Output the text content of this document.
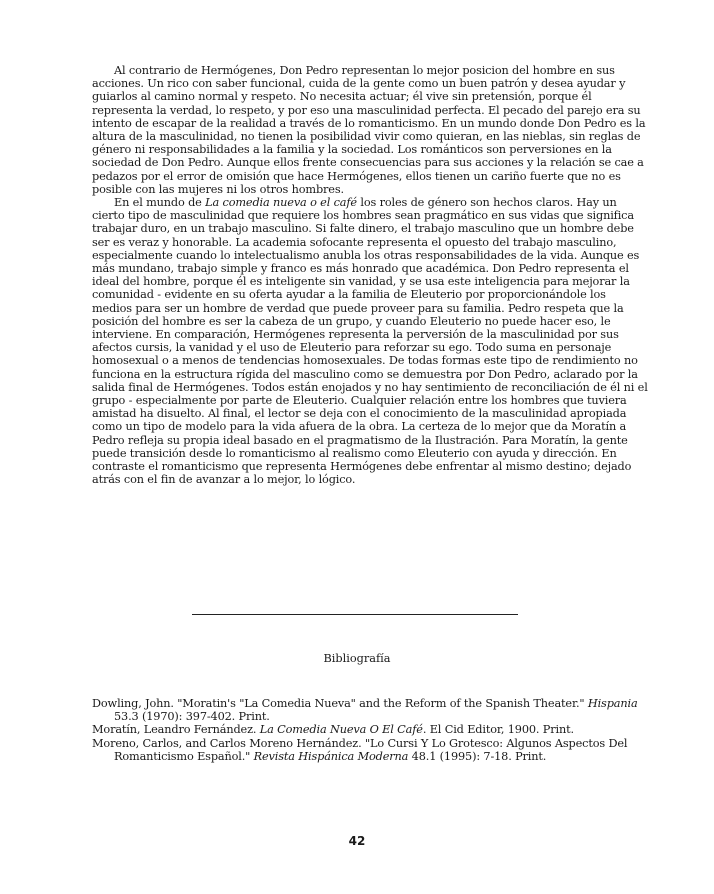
Al contrario de Hermógenes, Don Pedro representan lo mejor posicion del hombre en sus acciones. Un rico con saber funcional, cuida de la gente como un buen patrón y desea ayudar y guiarlos al camino normal y respeto. No necesita actuar; él vive sin pretensión, porque él representa la verdad, lo respeto, y por eso una masculinidad perfecta. El pecado del parejo era su intento de escapar de la realidad a través de lo romanticismo. En un mundo donde Don Pedro es la altura de la masculinidad, no tienen la posibilidad vivir como quieran, en las nieblas, sin reglas de género ni responsabilidades a la familia y la sociedad. Los románticos son perversiones en la sociedad de Don Pedro. Aunque ellos frente consecuencias para sus acciones y la relación se cae a pedazos por el error de omisión que hace Hermógenes, ellos tienen un cariño fuerte que no es posible con las mujeres ni los otros hombres.

En el mundo de La comedia nueva o el café los roles de género son hechos claros. Hay un cierto tipo de masculinidad que requiere los hombres sean pragmático en sus vidas que significa trabajar duro, en un trabajo masculino. Si falte dinero, el trabajo masculino que un hombre debe ser es veraz y honorable. La academia sofocante representa el opuesto del trabajo masculino, especialmente cuando lo intelectualismo anubla los otras responsabilidades de la vida. Aunque es más mundano, trabajo simple y franco es más honrado que académica. Don Pedro representa el ideal del hombre, porque él es inteligente sin vanidad, y se usa este inteligencia para mejorar la comunidad - evidente en su oferta ayudar a la familia de Eleuterio por proporcionándole los medios para ser un hombre de verdad que puede proveer para su familia. Pedro respeta que la posición del hombre es ser la cabeza de un grupo, y cuando Eleuterio no puede hacer eso, le interviene. En comparación, Hermógenes representa la perversión de la masculinidad por sus afectos cursis, la vanidad y el uso de Eleuterio para reforzar su ego. Todo suma en personaje homosexual o a menos de tendencias homosexuales. De todas formas este tipo de rendimiento no funciona en la estructura rígida del masculino como se demuestra por Don Pedro, aclarado por la salida final de Hermógenes. Todos están enojados y no hay sentimiento de reconciliación de él ni el grupo - especialmente por parte de Eleuterio. Cualquier relación entre los hombres que tuviera amistad ha disuelto. Al final, el lector se deja con el conocimiento de la masculinidad apropiada como un tipo de modelo para la vida afuera de la obra. La certeza de lo mejor que da Moratín a Pedro refleja su propia ideal basado en el pragmatismo de la Ilustración. Para Moratín, la gente puede transición desde lo romanticismo al realismo como Eleuterio con ayuda y dirección. En contraste el romanticismo que representa Hermógenes debe enfrentar al mismo destino; dejado atrás con el fin de avanzar a lo mejor, lo lógico.

Bibliografía

Dowling, John. "Moratin's "La Comedia Nueva" and the Reform of the Spanish Theater." Hispania 53.3 (1970): 397-402. Print.

Moratín, Leandro Fernández. La Comedia Nueva O El Café. El Cid Editor, 1900. Print.

Moreno, Carlos, and Carlos Moreno Hernández. "Lo Cursi Y Lo Grotesco: Algunos Aspectos Del Romanticismo Español." Revista Hispánica Moderna 48.1 (1995): 7-18. Print.

42
